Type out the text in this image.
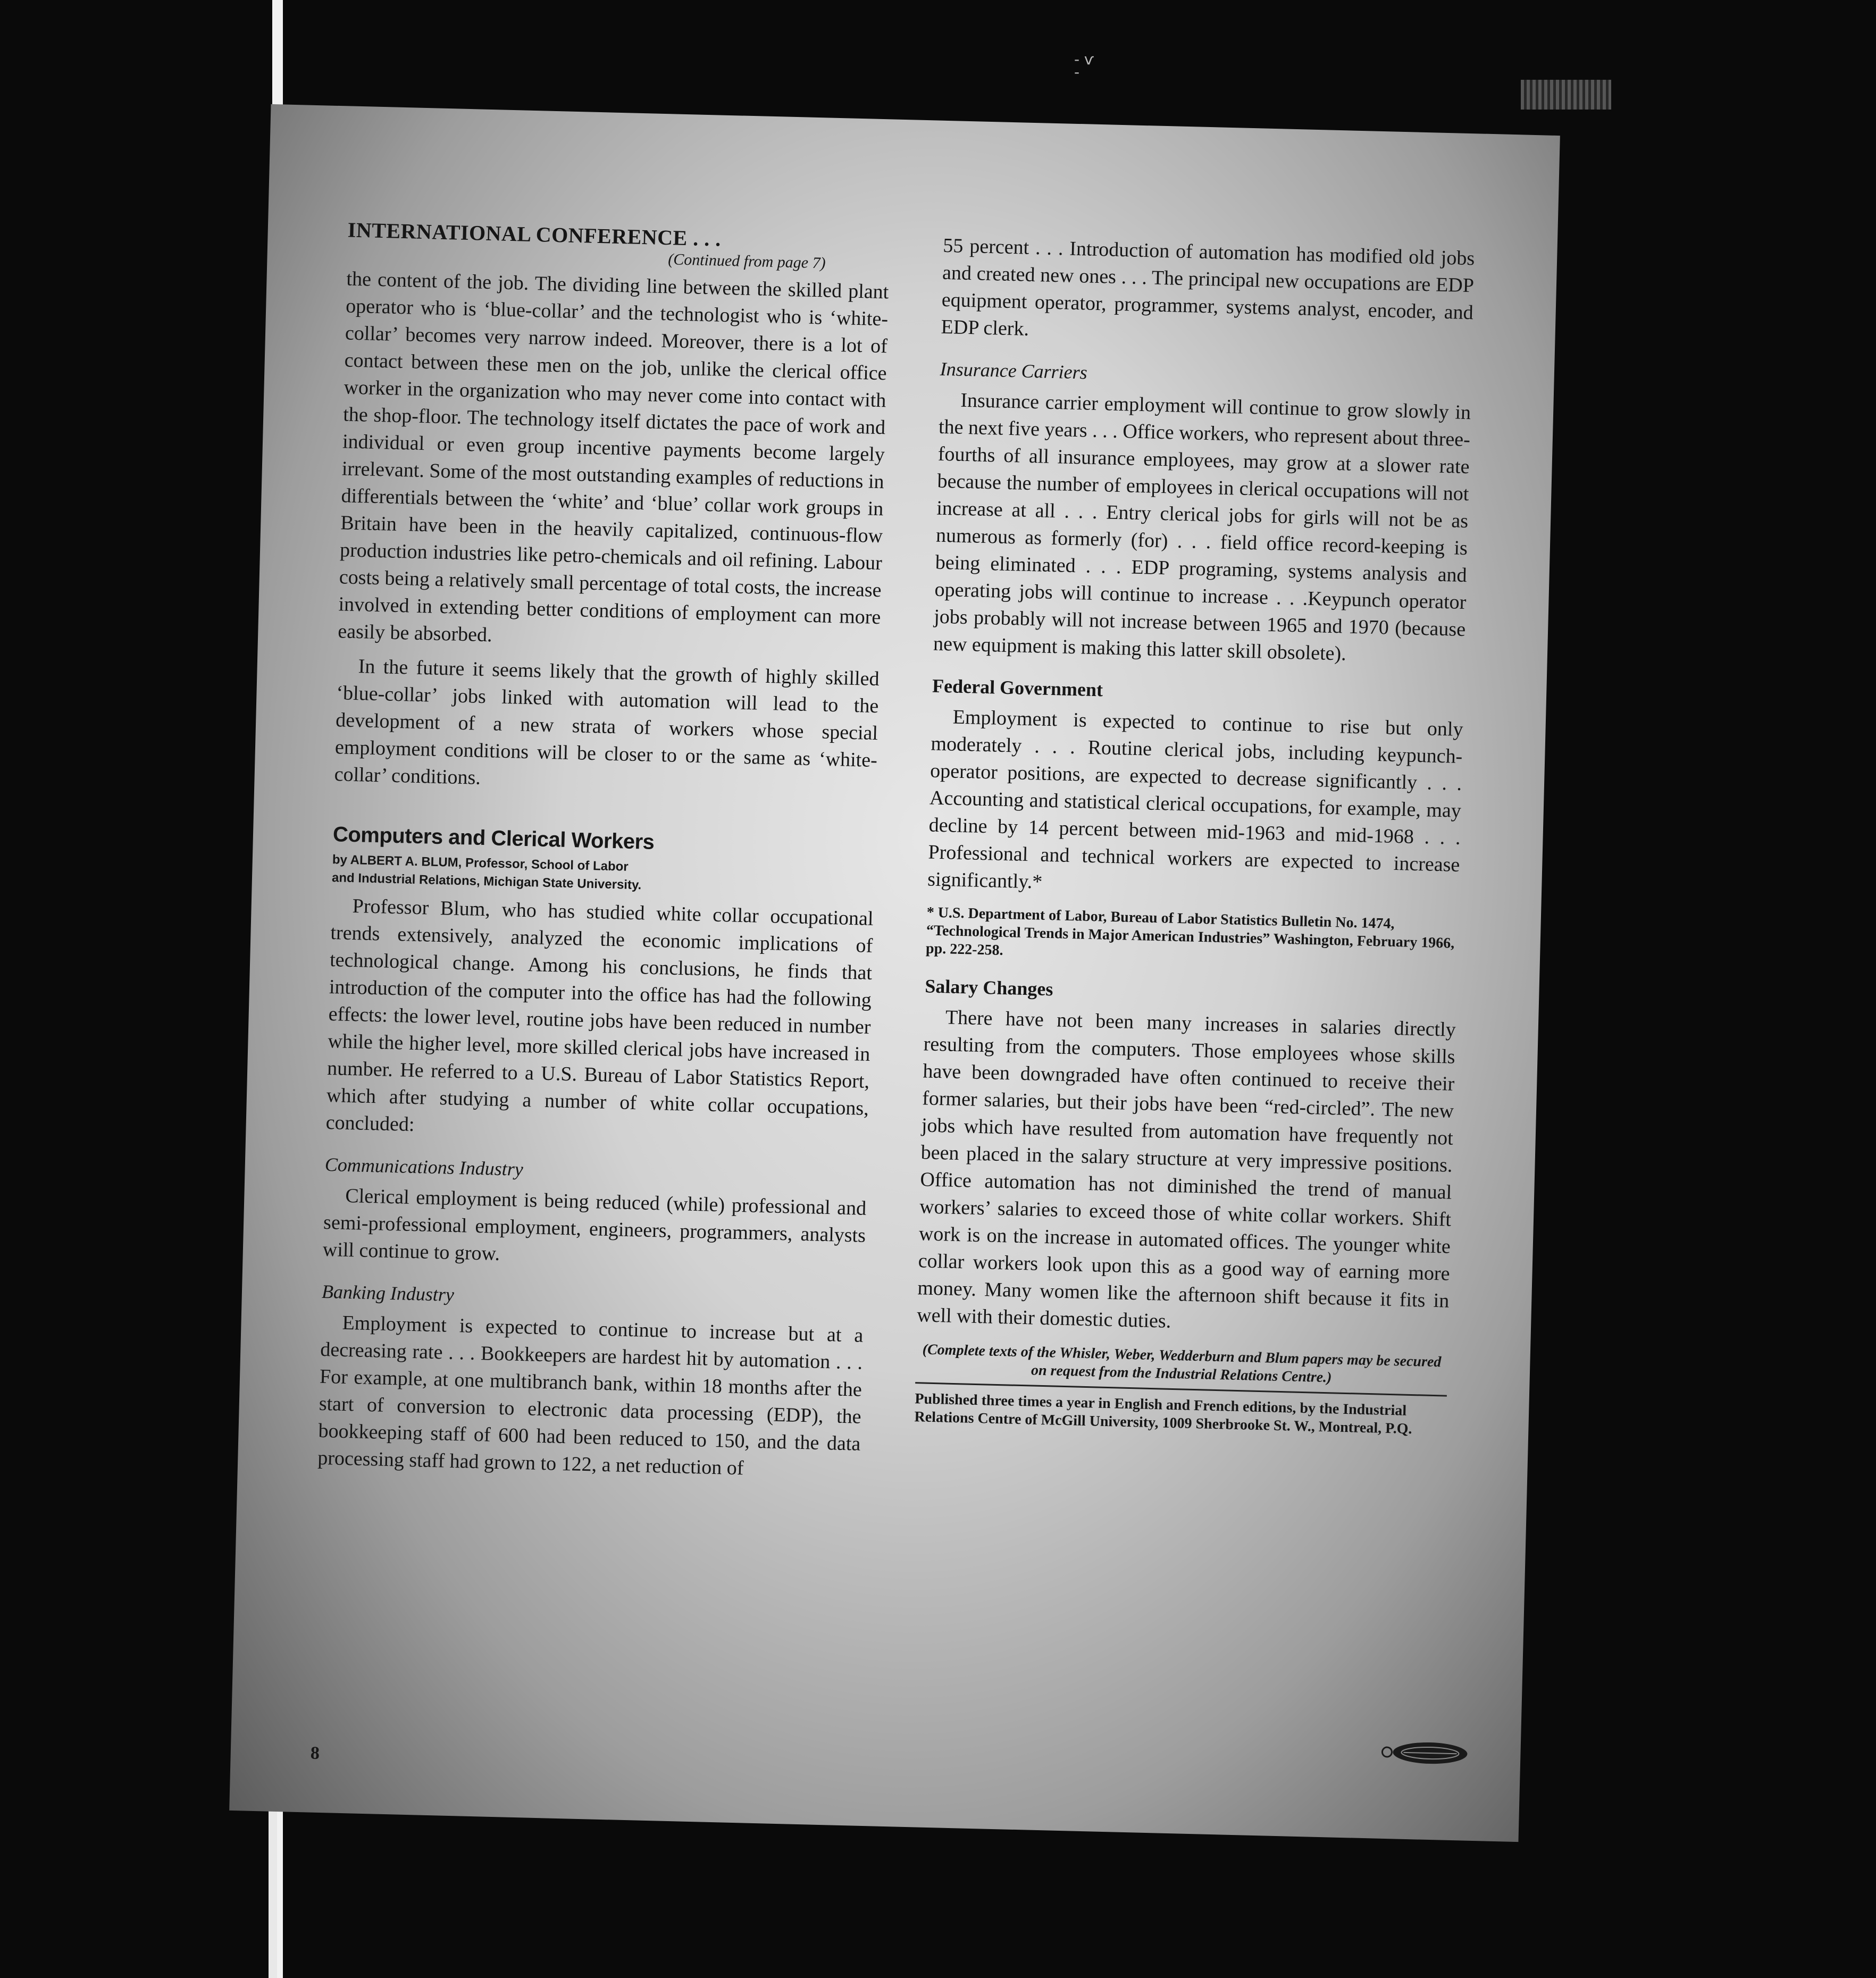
- ѵ -
INTERNATIONAL CONFERENCE . . .
(Continued from page 7)

the content of the job. The dividing line between the skilled plant operator who is ‘blue-collar’ and the technologist who is ‘white-collar’ becomes very narrow indeed. Moreover, there is a lot of contact between these men on the job, unlike the clerical office worker in the organization who may never come into contact with the shop-floor. The technology itself dictates the pace of work and individual or even group incentive payments become largely irrelevant. Some of the most outstanding examples of reductions in differentials between the ‘white’ and ‘blue’ collar work groups in Britain have been in the heavily capitalized, continuous-flow production industries like petro-chemicals and oil refining. Labour costs being a relatively small percentage of total costs, the increase involved in extending better conditions of employment can more easily be absorbed.

In the future it seems likely that the growth of highly skilled ‘blue-collar’ jobs linked with automation will lead to the development of a new strata of workers whose special employment conditions will be closer to or the same as ‘white-collar’ conditions.

Computers and Clerical Workers
by ALBERT A. BLUM, Professor, School of Labor
and Industrial Relations, Michigan State University.

Professor Blum, who has studied white collar occupational trends extensively, analyzed the economic implications of technological change. Among his conclusions, he finds that introduction of the computer into the office has had the following effects: the lower level, routine jobs have been reduced in number while the higher level, more skilled clerical jobs have increased in number. He referred to a U.S. Bureau of Labor Statistics Report, which after studying a number of white collar occupations, concluded:

Communications Industry

Clerical employment is being reduced (while) professional and semi-professional employment, engineers, programmers, analysts will continue to grow.

Banking Industry

Employment is expected to continue to increase but at a decreasing rate . . . Bookkeepers are hardest hit by automation . . . For example, at one multibranch bank, within 18 months after the start of conversion to electronic data processing (EDP), the bookkeeping staff of 600 had been reduced to 150, and the data processing staff had grown to 122, a net reduction of

55 percent . . . Introduction of automation has modified old jobs and created new ones . . . The principal new occupations are EDP equipment operator, programmer, systems analyst, encoder, and EDP clerk.

Insurance Carriers

Insurance carrier employment will continue to grow slowly in the next five years . . . Office workers, who represent about three-fourths of all insurance employees, may grow at a slower rate because the number of employees in clerical occupations will not increase at all . . . Entry clerical jobs for girls will not be as numerous as formerly (for) . . . field office record-keeping is being eliminated . . . EDP programing, systems analysis and operating jobs will continue to increase . . .Keypunch operator jobs probably will not increase between 1965 and 1970 (because new equipment is making this latter skill obsolete).

Federal Government

Employment is expected to continue to rise but only moderately . . . Routine clerical jobs, including keypunch-operator positions, are expected to decrease significantly . . . Accounting and statistical clerical occupations, for example, may decline by 14 percent between mid-1963 and mid-1968 . . . Professional and technical workers are expected to increase significantly.*

* U.S. Department of Labor, Bureau of Labor Statistics Bulletin No. 1474, “Technological Trends in Major American Industries” Washington, February 1966, pp. 222-258.
Salary Changes

There have not been many increases in salaries directly resulting from the computers. Those employees whose skills have been downgraded have often continued to receive their former salaries, but their jobs have been “red-circled”. The new jobs which have resulted from automation have frequently not been placed in the salary structure at very impressive positions. Office automation has not diminished the trend of manual workers’ salaries to exceed those of white collar workers. Shift work is on the increase in automated offices. The younger white collar workers look upon this as a good way of earning more money. Many women like the afternoon shift because it fits in well with their domestic duties.

(Complete texts of the Whisler, Weber, Wedderburn and Blum papers may be secured on request from the Industrial Relations Centre.)
Published three times a year in English and French editions, by the Industrial Relations Centre of McGill University, 1009 Sherbrooke St. W., Montreal, P.Q.
8
